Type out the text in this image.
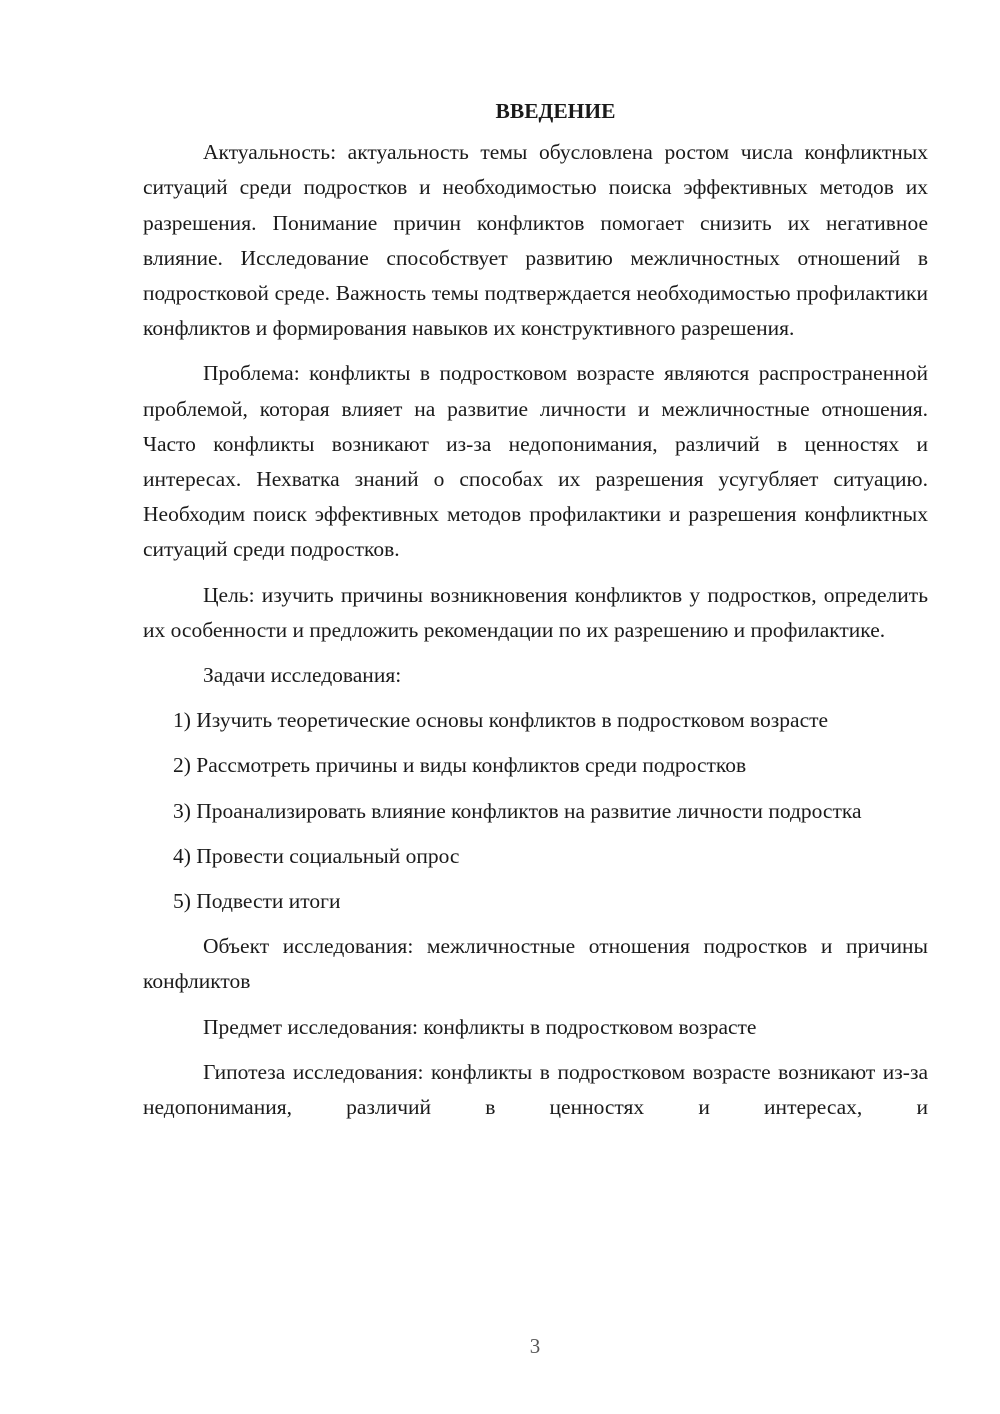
ВВЕДЕНИЕ

Актуальность: актуальность темы обусловлена ростом числа конфликтных ситуаций среди подростков и необходимостью поиска эффективных методов их разрешения. Понимание причин конфликтов помогает снизить их негативное влияние. Исследование способствует развитию межличностных отношений в подростковой среде. Важность темы подтверждается необходимостью профилактики конфликтов и формирования навыков их конструктивного разрешения.

Проблема: конфликты в подростковом возрасте являются распространенной проблемой, которая влияет на развитие личности и межличностные отношения. Часто конфликты возникают из-за недопонимания, различий в ценностях и интересах. Нехватка знаний о способах их разрешения усугубляет ситуацию. Необходим поиск эффективных методов профилактики и разрешения конфликтных ситуаций среди подростков.

Цель: изучить причины возникновения конфликтов у подростков, определить их особенности и предложить рекомендации по их разрешению и профилактике.

Задачи исследования:

1) Изучить теоретические основы конфликтов в подростковом возрасте

2) Рассмотреть причины и виды конфликтов среди подростков

3) Проанализировать влияние конфликтов на развитие личности подростка

4) Провести социальный опрос

5) Подвести итоги

Объект исследования: межличностные отношения подростков и причины конфликтов

Предмет исследования: конфликты в подростковом возрасте

Гипотеза исследования: конфликты в подростковом возрасте возникают из-за недопонимания, различий в ценностях и интересах, и

3
